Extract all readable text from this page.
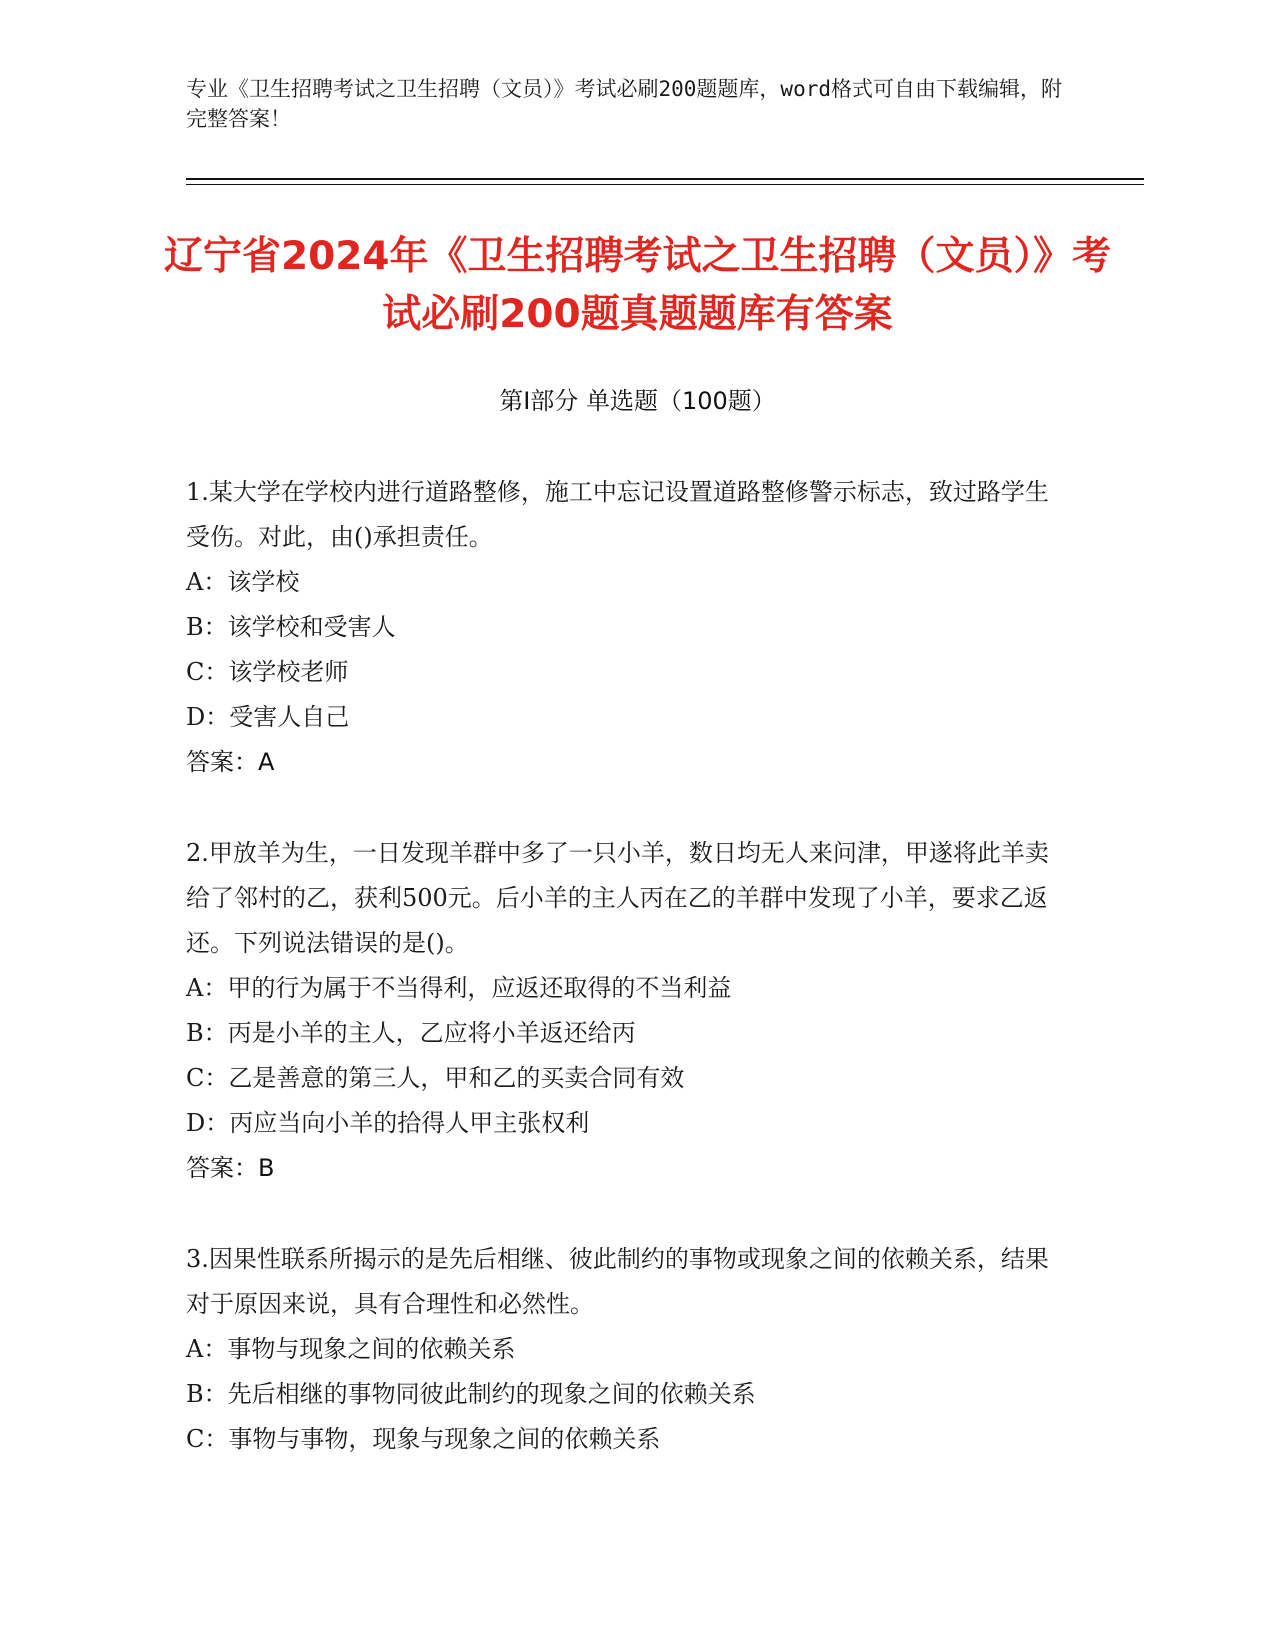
专业《卫生招聘考试之卫生招聘（文员）》考试必刷200题题库，word格式可自由下载编辑，附完整答案！
辽宁省2024年《卫生招聘考试之卫生招聘（文员）》考试必刷200题真题题库有答案
第Ⅰ部分 单选题（100题）

1.某大学在学校内进行道路整修，施工中忘记设置道路整修警示标志，致过路学生受伤。对此，由()承担责任。

A：该学校

B：该学校和受害人

C：该学校老师

D：受害人自己

答案：A

2.甲放羊为生，一日发现羊群中多了一只小羊，数日均无人来问津，甲遂将此羊卖给了邻村的乙，获利500元。后小羊的主人丙在乙的羊群中发现了小羊，要求乙返还。下列说法错误的是()。

A：甲的行为属于不当得利，应返还取得的不当利益

B：丙是小羊的主人，乙应将小羊返还给丙

C：乙是善意的第三人，甲和乙的买卖合同有效

D：丙应当向小羊的拾得人甲主张权利

答案：B

3.因果性联系所揭示的是先后相继、彼此制约的事物或现象之间的依赖关系，结果对于原因来说，具有合理性和必然性。

A：事物与现象之间的依赖关系

B：先后相继的事物同彼此制约的现象之间的依赖关系

C：事物与事物，现象与现象之间的依赖关系
